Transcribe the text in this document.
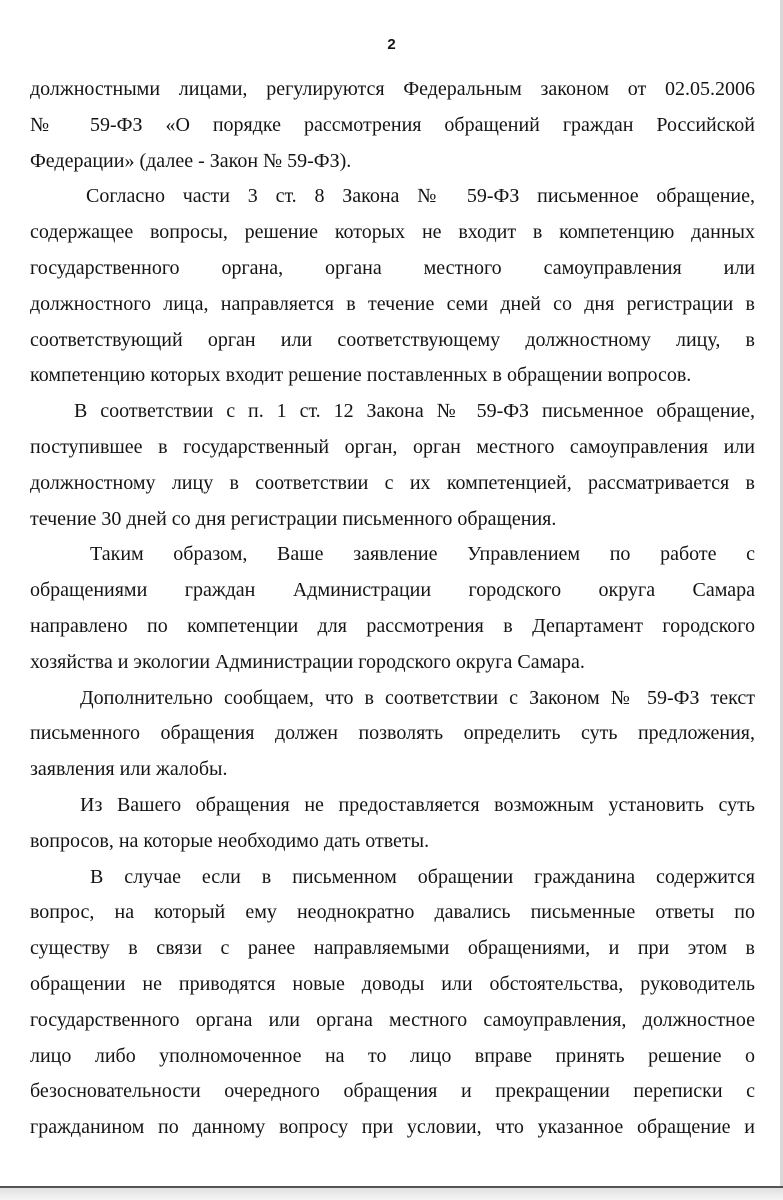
2
должностными лицами, регулируются Федеральным законом от 02.05.2006
№ 59-ФЗ «О порядке рассмотрения обращений граждан Российской
Федерации» (далее - Закон № 59-ФЗ).
Согласно части 3 ст. 8 Закона № 59-ФЗ письменное обращение,
содержащее вопросы, решение которых не входит в компетенцию данных
государственного органа, органа местного самоуправления или
должностного лица, направляется в течение семи дней со дня регистрации в
соответствующий орган или соответствующему должностному лицу, в
компетенцию которых входит решение поставленных в обращении вопросов.
В соответствии с п. 1 ст. 12 Закона № 59-ФЗ письменное обращение,
поступившее в государственный орган, орган местного самоуправления или
должностному лицу в соответствии с их компетенцией, рассматривается в
течение 30 дней со дня регистрации письменного обращения.
Таким образом, Ваше заявление Управлением по работе с
обращениями граждан Администрации городского округа Самара
направлено по компетенции для рассмотрения в Департамент городского
хозяйства и экологии Администрации городского округа Самара.
Дополнительно сообщаем, что в соответствии с Законом № 59-ФЗ текст
письменного обращения должен позволять определить суть предложения,
заявления или жалобы.
Из Вашего обращения не предоставляется возможным установить суть
вопросов, на которые необходимо дать ответы.
В случае если в письменном обращении гражданина содержится
вопрос, на который ему неоднократно давались письменные ответы по
существу в связи с ранее направляемыми обращениями, и при этом в
обращении не приводятся новые доводы или обстоятельства, руководитель
государственного органа или органа местного самоуправления, должностное
лицо либо уполномоченное на то лицо вправе принять решение о
безосновательности очередного обращения и прекращении переписки с
гражданином по данному вопросу при условии, что указанное обращение и
